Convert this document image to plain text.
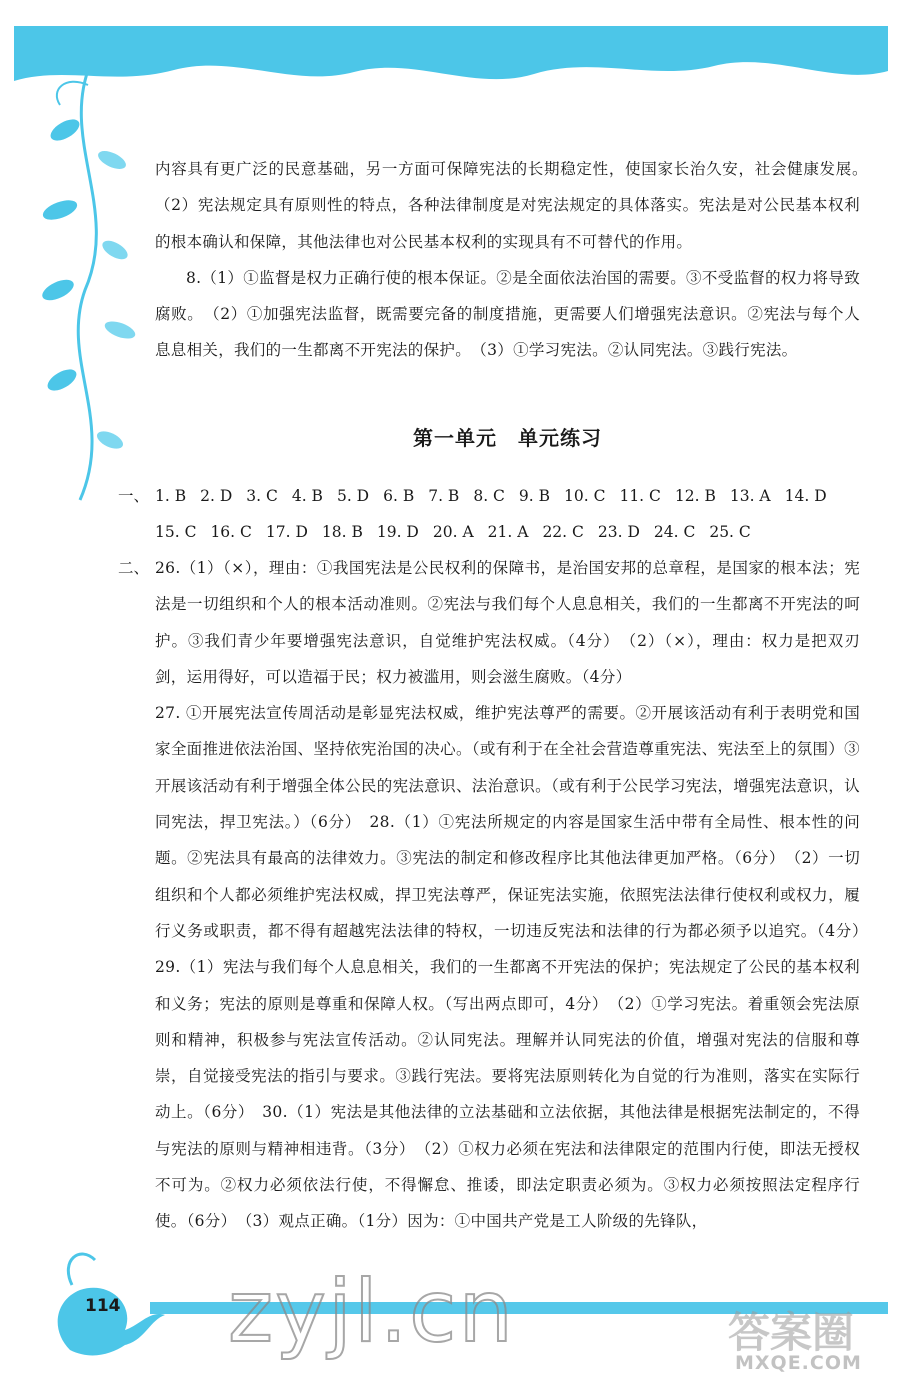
内容具有更广泛的民意基础，另一方面可保障宪法的长期稳定性，使国家长治久安，社会健康发展。　（2）宪法规定具有原则性的特点，各种法律制度是对宪法规定的具体落实。宪法是对公民基本权利的根本确认和保障，其他法律也对公民基本权利的实现具有不可替代的作用。

8.（1）①监督是权力正确行使的根本保证。②是全面依法治国的需要。③不受监督的权力将导致腐败。　（2）①加强宪法监督，既需要完备的制度措施，更需要人们增强宪法意识。②宪法与每个人息息相关，我们的一生都离不开宪法的保护。　（3）①学习宪法。②认同宪法。③践行宪法。

第一单元　单元练习
一、 1. B 2. D 3. C 4. B 5. D 6. B 7. B 8. C 9. B 10. C 11. C 12. B 13. A 14. D
15. C 16. C 17. D 18. B 19. D 20. A 21. A 22. C 23. D 24. C 25. C
二、 26.（1）（×），理由：①我国宪法是公民权利的保障书，是治国安邦的总章程，是国家的根本法；宪法是一切组织和个人的根本活动准则。②宪法与我们每个人息息相关，我们的一生都离不开宪法的呵护。③我们青少年要增强宪法意识，自觉维护宪法权威。（4分）　（2）（×），理由：权力是把双刃剑，运用得好，可以造福于民；权力被滥用，则会滋生腐败。（4分）

27. ①开展宪法宣传周活动是彰显宪法权威，维护宪法尊严的需要。②开展该活动有利于表明党和国家全面推进依法治国、坚持依宪治国的决心。（或有利于在全社会营造尊重宪法、宪法至上的氛围）③开展该活动有利于增强全体公民的宪法意识、法治意识。（或有利于公民学习宪法，增强宪法意识，认同宪法，捍卫宪法。）（6分）　28.（1）①宪法所规定的内容是国家生活中带有全局性、根本性的问题。②宪法具有最高的法律效力。③宪法的制定和修改程序比其他法律更加严格。（6分）　（2）一切组织和个人都必须维护宪法权威，捍卫宪法尊严，保证宪法实施，依照宪法法律行使权利或权力，履行义务或职责，都不得有超越宪法法律的特权，一切违反宪法和法律的行为都必须予以追究。（4分）　29.（1）宪法与我们每个人息息相关，我们的一生都离不开宪法的保护；宪法规定了公民的基本权利和义务；宪法的原则是尊重和保障人权。（写出两点即可，4分）　（2）①学习宪法。着重领会宪法原则和精神，积极参与宪法宣传活动。②认同宪法。理解并认同宪法的价值，增强对宪法的信服和尊崇，自觉接受宪法的指引与要求。③践行宪法。要将宪法原则转化为自觉的行为准则，落实在实际行动上。（6分）　30.（1）宪法是其他法律的立法基础和立法依据，其他法律是根据宪法制定的，不得与宪法的原则与精神相违背。（3分）　（2）①权力必须在宪法和法律限定的范围内行使，即法无授权不可为。②权力必须依法行使，不得懈怠、推诿，即法定职责必须为。③权力必须按照法定程序行使。（6分）　（3）观点正确。（1分）因为：①中国共产党是工人阶级的先锋队，

114 zyjl.cn	答案圈
MXQE.COM
